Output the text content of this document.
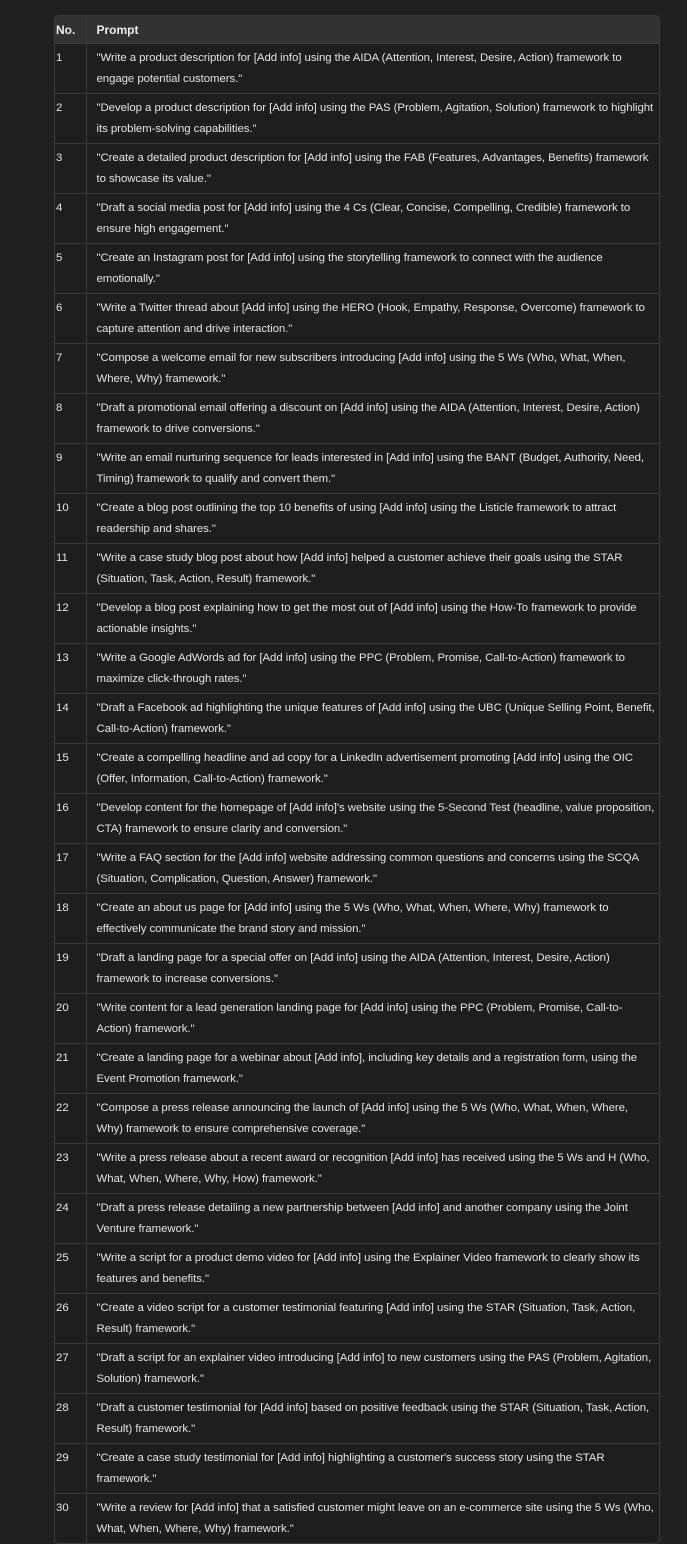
No.	Prompt
1	"Write a product description for [Add info] using the AIDA (Attention, Interest, Desire, Action) framework to engage potential customers."
2	"Develop a product description for [Add info] using the PAS (Problem, Agitation, Solution) framework to highlight its problem-solving capabilities."
3	"Create a detailed product description for [Add info] using the FAB (Features, Advantages, Benefits) framework to showcase its value."
4	"Draft a social media post for [Add info] using the 4 Cs (Clear, Concise, Compelling, Credible) framework to ensure high engagement."
5	"Create an Instagram post for [Add info] using the storytelling framework to connect with the audience emotionally."
6	"Write a Twitter thread about [Add info] using the HERO (Hook, Empathy, Response, Overcome) framework to capture attention and drive interaction."
7	"Compose a welcome email for new subscribers introducing [Add info] using the 5 Ws (Who, What, When, Where, Why) framework."
8	"Draft a promotional email offering a discount on [Add info] using the AIDA (Attention, Interest, Desire, Action) framework to drive conversions."
9	"Write an email nurturing sequence for leads interested in [Add info] using the BANT (Budget, Authority, Need, Timing) framework to qualify and convert them."
10	"Create a blog post outlining the top 10 benefits of using [Add info] using the Listicle framework to attract readership and shares."
11	"Write a case study blog post about how [Add info] helped a customer achieve their goals using the STAR (Situation, Task, Action, Result) framework."
12	"Develop a blog post explaining how to get the most out of [Add info] using the How-To framework to provide actionable insights."
13	"Write a Google AdWords ad for [Add info] using the PPC (Problem, Promise, Call-to-Action) framework to maximize click-through rates."
14	"Draft a Facebook ad highlighting the unique features of [Add info] using the UBC (Unique Selling Point, Benefit, Call-to-Action) framework."
15	"Create a compelling headline and ad copy for a LinkedIn advertisement promoting [Add info] using the OIC (Offer, Information, Call-to-Action) framework."
16	"Develop content for the homepage of [Add info]'s website using the 5-Second Test (headline, value proposition, CTA) framework to ensure clarity and conversion."
17	"Write a FAQ section for the [Add info] website addressing common questions and concerns using the SCQA (Situation, Complication, Question, Answer) framework."
18	"Create an about us page for [Add info] using the 5 Ws (Who, What, When, Where, Why) framework to effectively communicate the brand story and mission."
19	"Draft a landing page for a special offer on [Add info] using the AIDA (Attention, Interest, Desire, Action) framework to increase conversions."
20	"Write content for a lead generation landing page for [Add info] using the PPC (Problem, Promise, Call-to-Action) framework."
21	"Create a landing page for a webinar about [Add info], including key details and a registration form, using the Event Promotion framework."
22	"Compose a press release announcing the launch of [Add info] using the 5 Ws (Who, What, When, Where, Why) framework to ensure comprehensive coverage."
23	"Write a press release about a recent award or recognition [Add info] has received using the 5 Ws and H (Who, What, When, Where, Why, How) framework."
24	"Draft a press release detailing a new partnership between [Add info] and another company using the Joint Venture framework."
25	"Write a script for a product demo video for [Add info] using the Explainer Video framework to clearly show its features and benefits."
26	"Create a video script for a customer testimonial featuring [Add info] using the STAR (Situation, Task, Action, Result) framework."
27	"Draft a script for an explainer video introducing [Add info] to new customers using the PAS (Problem, Agitation, Solution) framework."
28	"Draft a customer testimonial for [Add info] based on positive feedback using the STAR (Situation, Task, Action, Result) framework."
29	"Create a case study testimonial for [Add info] highlighting a customer's success story using the STAR framework."
30	"Write a review for [Add info] that a satisfied customer might leave on an e-commerce site using the 5 Ws (Who, What, When, Where, Why) framework."
